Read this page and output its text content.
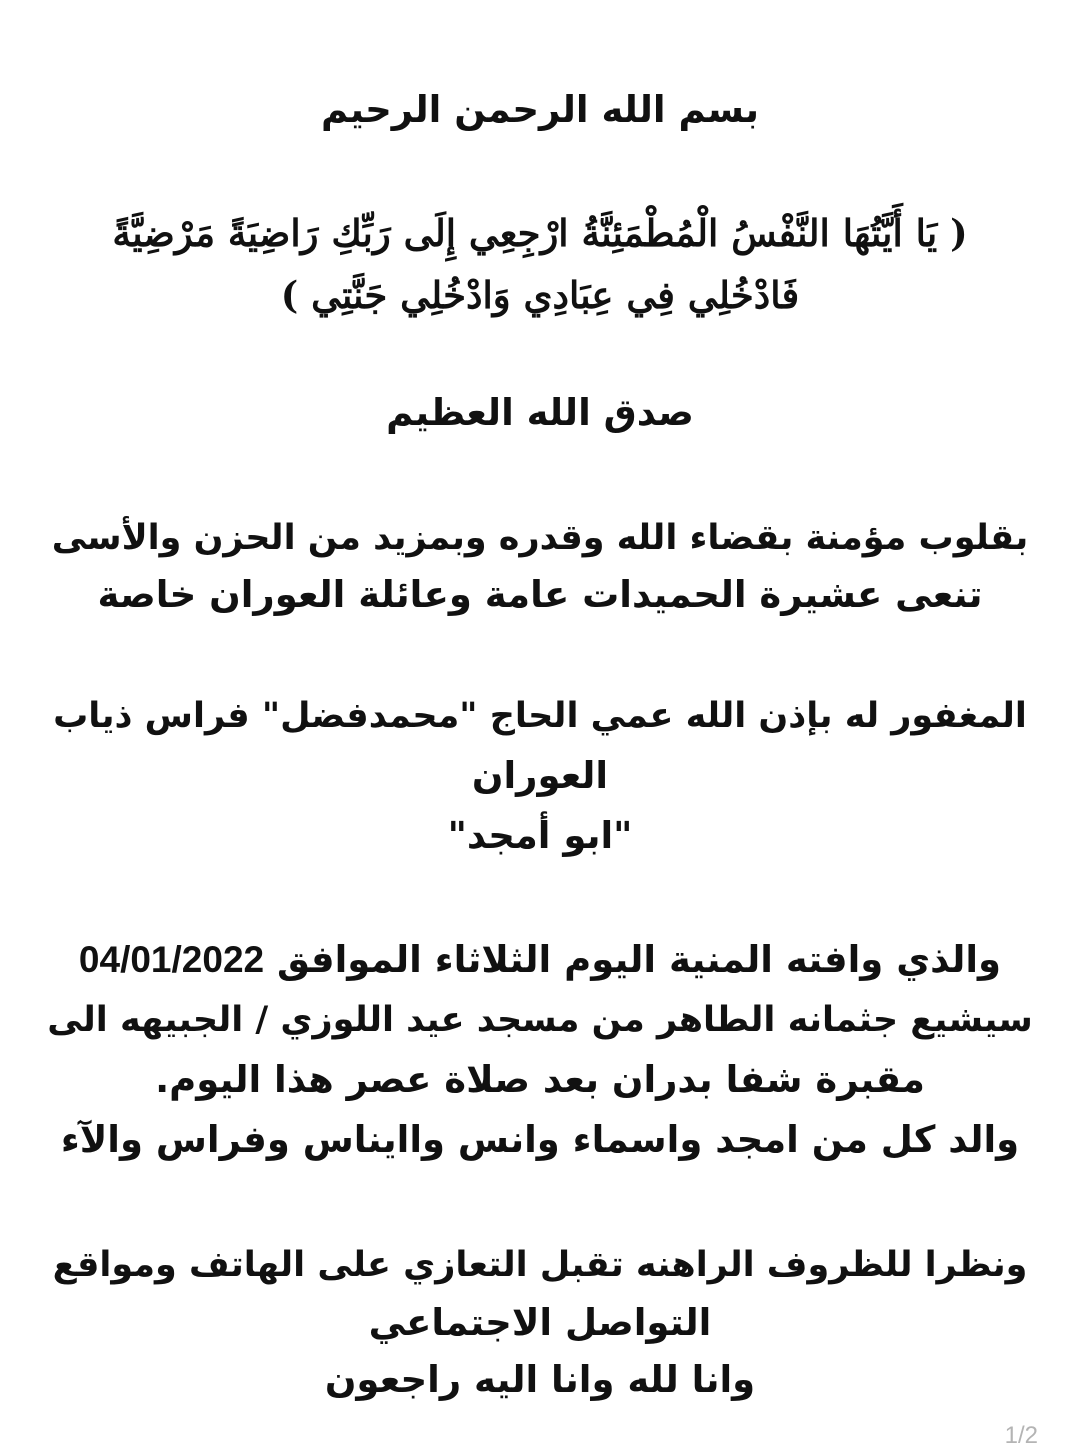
بسم الله الرحمن الرحيم
( يَا أَيَّتُهَا النَّفْسُ الْمُطْمَئِنَّةُ ارْجِعِي إِلَى رَبِّكِ رَاضِيَةً مَرْضِيَّةً
فَادْخُلِي فِي عِبَادِي وَادْخُلِي جَنَّتِي )
صدق الله العظيم
بقلوب مؤمنة بقضاء الله وقدره وبمزيد من الحزن والأسى
تنعى عشيرة الحميدات عامة وعائلة العوران خاصة
المغفور له بإذن الله عمي الحاج "محمدفضل" فراس ذياب
العوران
"ابو أمجد"
والذي وافته المنية اليوم الثلاثاء الموافق 04/01/2022
سيشيع جثمانه الطاهر من مسجد عيد اللوزي / الجبيهه الى
مقبرة شفا بدران بعد صلاة عصر هذا اليوم.
والد كل من امجد واسماء وانس واايناس وفراس والآء
ونظرا للظروف الراهنه تقبل التعازي على الهاتف ومواقع
التواصل الاجتماعي
وانا لله وانا اليه راجعون
1/2
